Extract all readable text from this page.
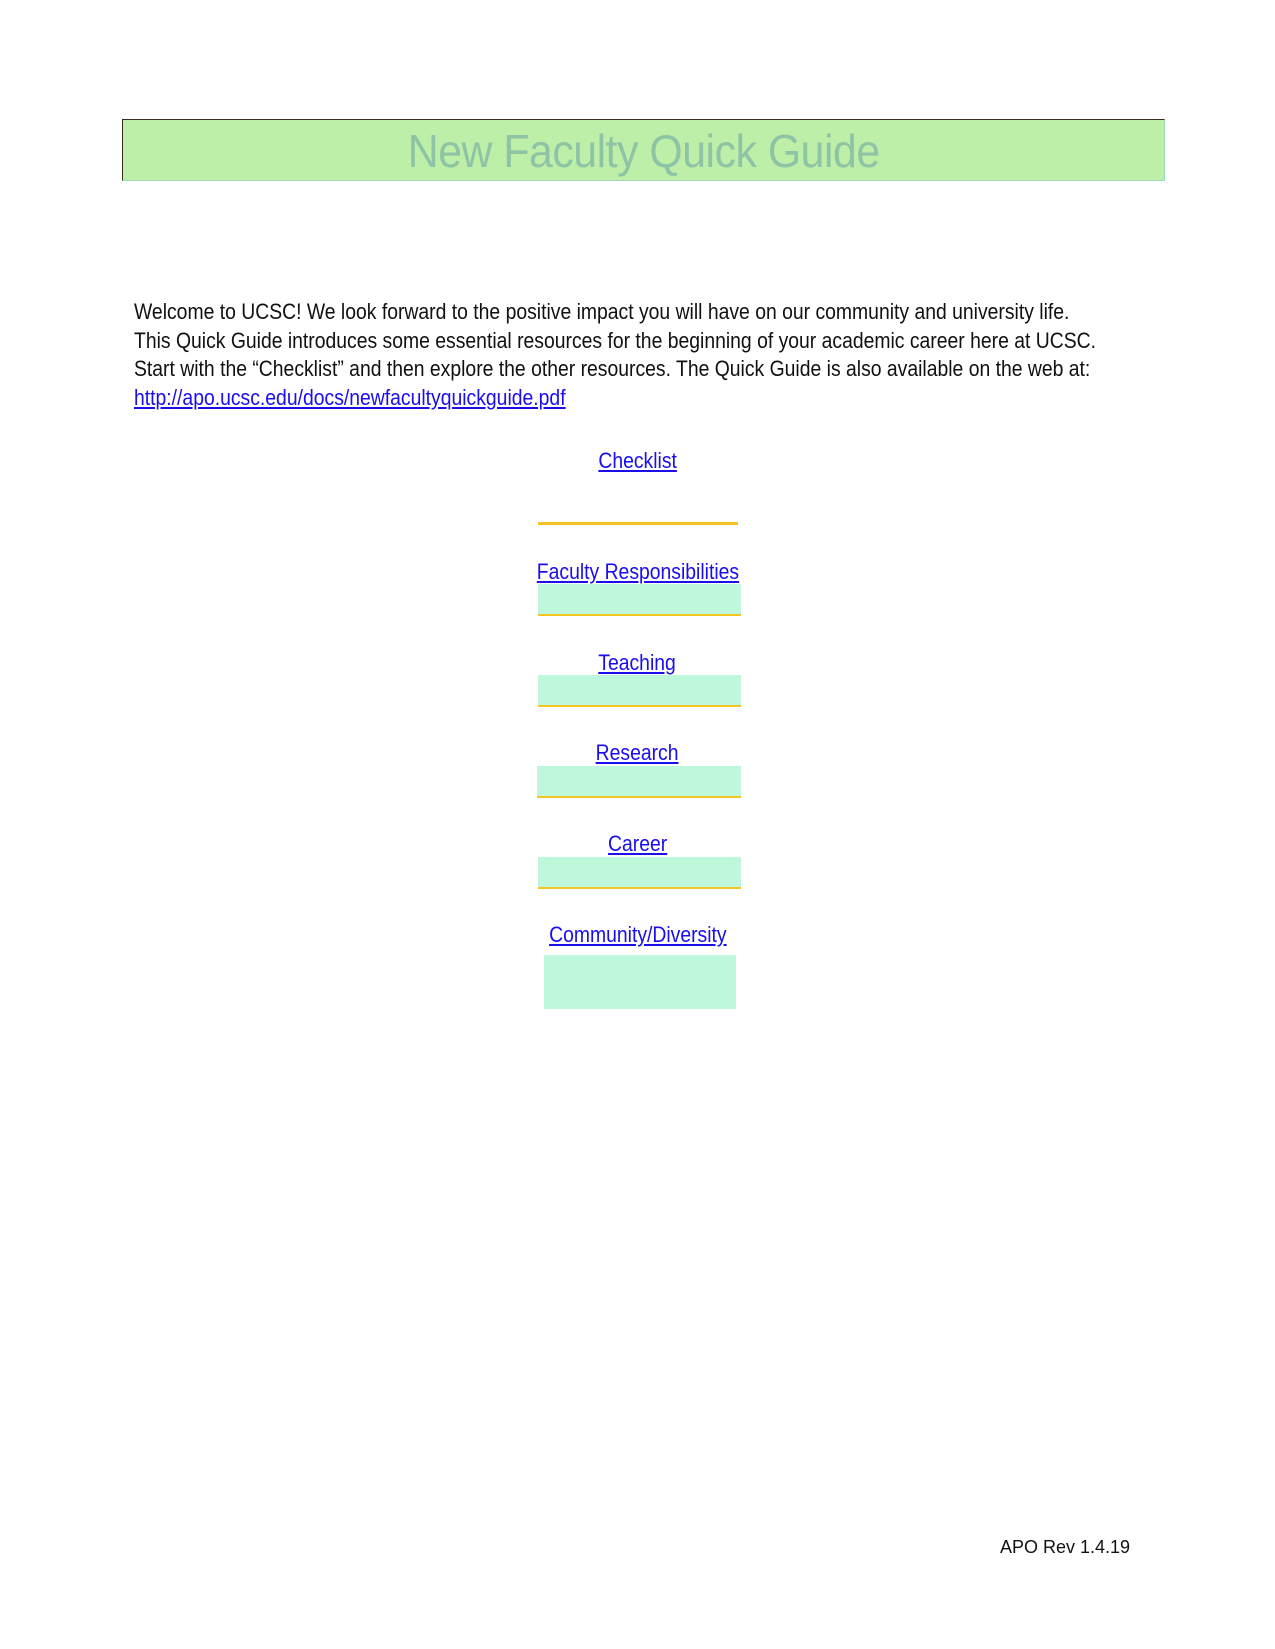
New Faculty Quick Guide

Welcome to UCSC! We look forward to the positive impact you will have on our community and university life.

This Quick Guide introduces some essential resources for the beginning of your academic career here at UCSC.

Start with the “Checklist” and then explore the other resources. The Quick Guide is also available on the web at:

http://apo.ucsc.edu/docs/newfacultyquickguide.pdf

Checklist
Faculty Responsibilities
Teaching
Research
Career
Community/Diversity
APO Rev 1.4.19
